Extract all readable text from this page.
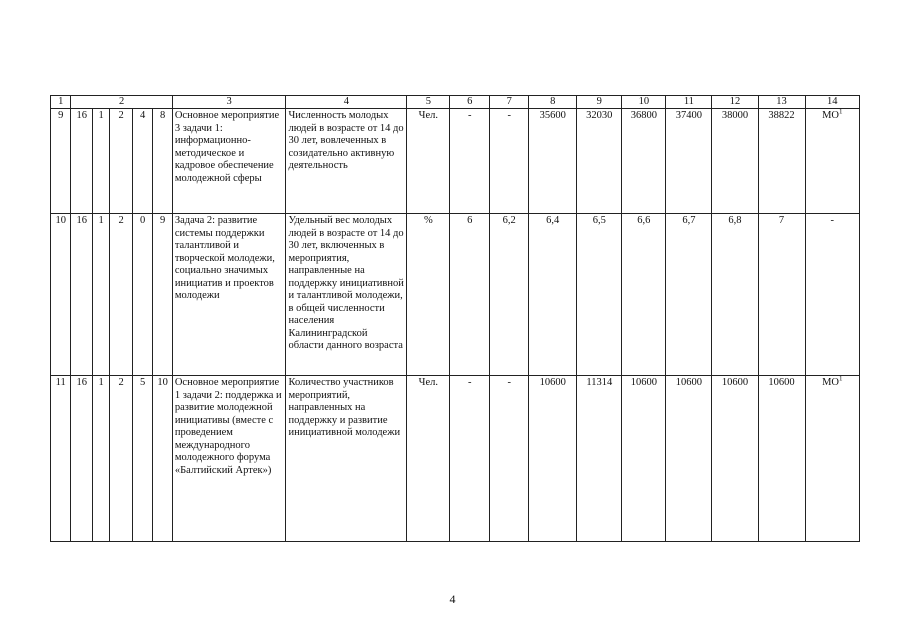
1	2					3	4	5	6	7	8	9	10	11	12	13	14
9	16	1	2	4	8	Основное мероприятие 3 задачи 1: информационно-методическое и кадровое обеспечение молодежной сферы	Численность молодых людей в возрасте от 14 до 30 лет, вовлеченных в созидательно активную деятельность	Чел.	-	-	35600	32030	36800	37400	38000	38822	$МО^1$
10	16	1	2	0	9	Задача 2: развитие системы поддержки талантливой и творческой молодежи, социально значимых инициатив и проектов молодежи	Удельный вес молодых людей в возрасте от 14 до 30 лет, включенных в мероприятия, направленные на поддержку инициативной и талантливой молодежи, в общей численности населения Калининградской области данного возраста	%	6	6,2	6,4	6,5	6,6	6,7	6,8	7	-
11	16	1	2	5	10	Основное мероприятие 1 задачи 2: поддержка и развитие молодежной инициативы (вместе с проведением международного молодежного форума «Балтийский Артек»)	Количество участников мероприятий, направленных на поддержку и развитие инициативной молодежи	Чел.	-	-	10600	11314	10600	10600	10600	10600	$МО^1$
4
